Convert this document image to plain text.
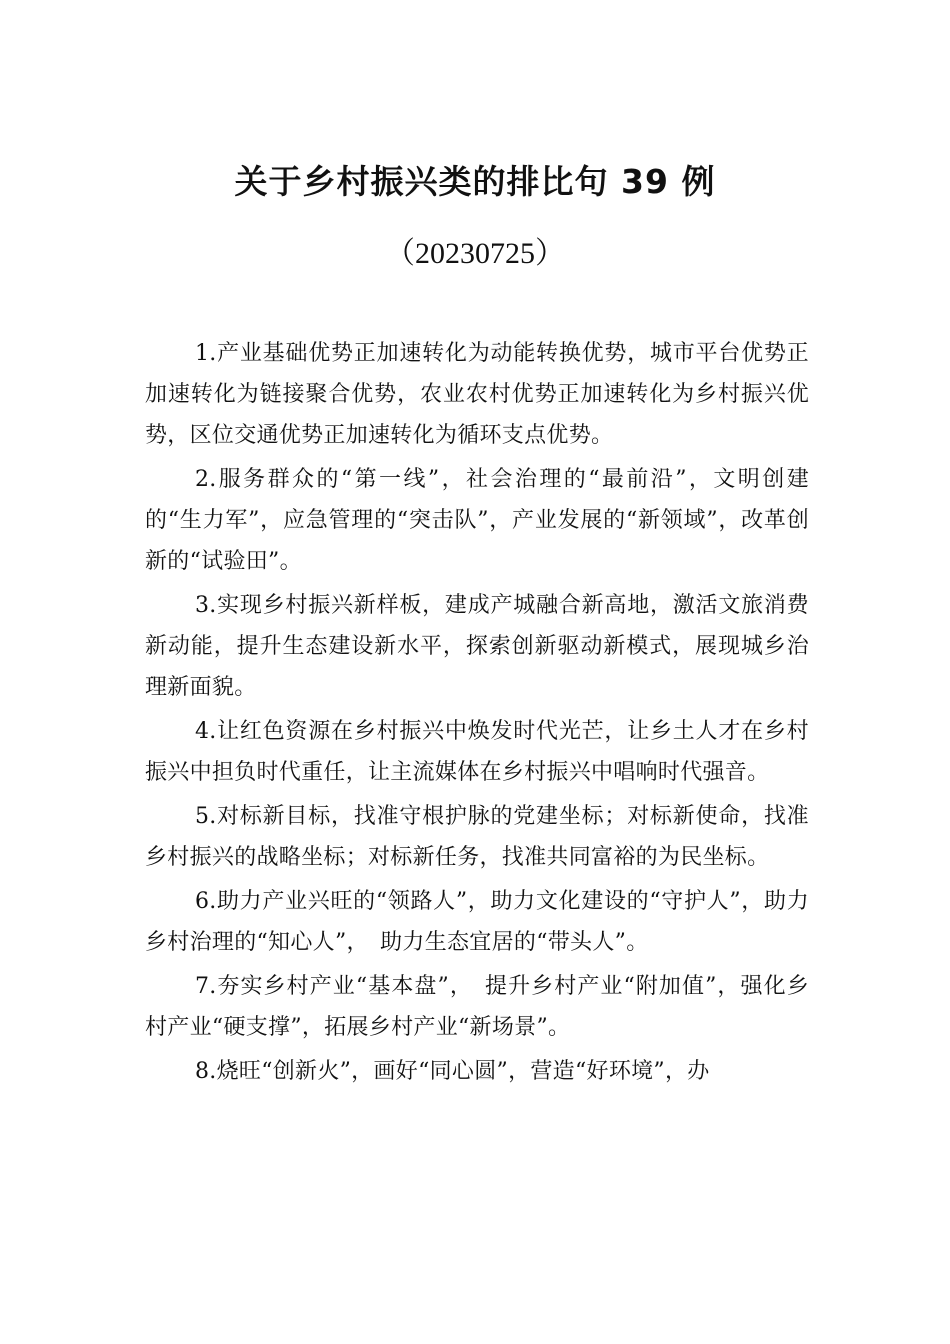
关于乡村振兴类的排比句 39 例
（20230725）

1.产业基础优势正加速转化为动能转换优势，城市平台优势正加速转化为链接聚合优势，农业农村优势正加速转化为乡村振兴优势，区位交通优势正加速转化为循环支点优势。

2.服务群众的“第一线”，社会治理的“最前沿”，文明创建的“生力军”，应急管理的“突击队”，产业发展的“新领域”，改革创新的“试验田”。

3.实现乡村振兴新样板，建成产城融合新高地，激活文旅消费新动能，提升生态建设新水平，探索创新驱动新模式，展现城乡治理新面貌。

4.让红色资源在乡村振兴中焕发时代光芒，让乡土人才在乡村振兴中担负时代重任，让主流媒体在乡村振兴中唱响时代强音。

5.对标新目标，找准守根护脉的党建坐标；对标新使命，找准乡村振兴的战略坐标；对标新任务，找准共同富裕的为民坐标。

6.助力产业兴旺的“领路人”，助力文化建设的“守护人”，助力乡村治理的“知心人”，　助力生态宜居的“带头人”。

7.夯实乡村产业“基本盘”，　提升乡村产业“附加值”，强化乡村产业“硬支撑”，拓展乡村产业“新场景”。

8.烧旺“创新火”，画好“同心圆”，营造“好环境”，办
